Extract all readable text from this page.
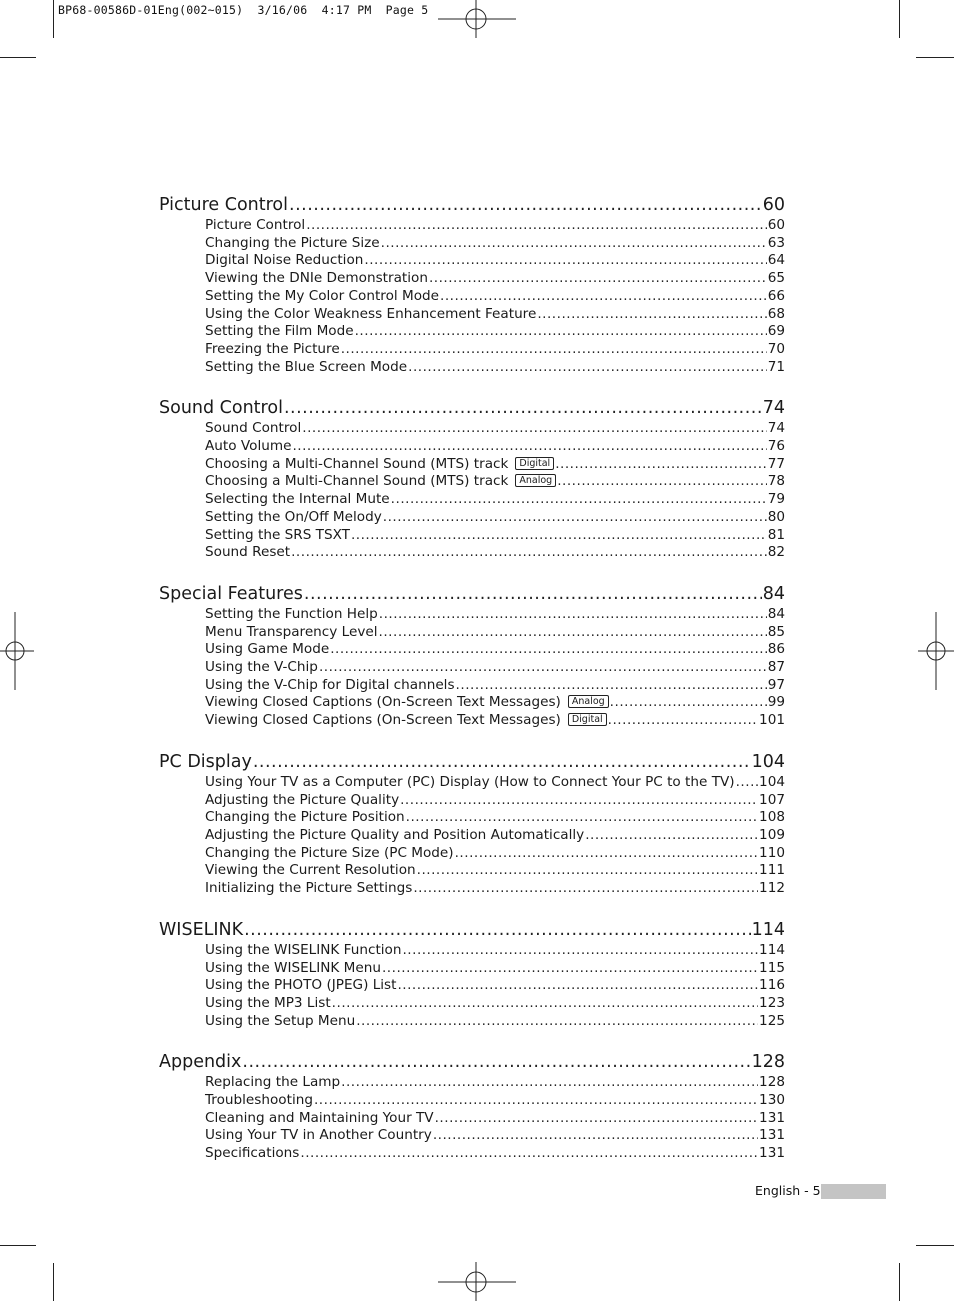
BP68-00586D-01Eng(002~015)  3/16/06  4:17 PM  Page 5
Picture Control .....	60
Picture Control .....	60
Changing the Picture Size .....	63
Digital Noise Reduction .....	64
Viewing the DNIe Demonstration .....	65
Setting the My Color Control Mode .....	66
Using the Color Weakness Enhancement Feature .....	68
Setting the Film Mode .....	69
Freezing the Picture .....	70
Setting the Blue Screen Mode .....	71
Sound Control .....	74
Sound Control .....	74
Auto Volume .....	76
Choosing a Multi-Channel Sound (MTS) track	Digital .....	77
Choosing a Multi-Channel Sound (MTS) track	Analog .....	78
Selecting the Internal Mute .....	79
Setting the On/Off Melody .....	80
Setting the SRS TSXT .....	81
Sound Reset .....	82
Special Features .....	84
Setting the Function Help .....	84
Menu Transparency Level .....	85
Using Game Mode .....	86
Using the V-Chip .....	87
Using the V-Chip for Digital channels .....	97
Viewing Closed Captions (On-Screen Text Messages)	Analog .....	99
Viewing Closed Captions (On-Screen Text Messages)	Digital .....	101
PC Display .....	104
Using Your TV as a Computer (PC) Display (How to Connect Your PC to the TV) ..... 104
Adjusting the Picture Quality .....	107
Changing the Picture Position .....	108
Adjusting the Picture Quality and Position Automatically .....	109
Changing the Picture Size (PC Mode) .....	110
Viewing the Current Resolution .....	111
Initializing the Picture Settings .....	112
WISELINK .....	114
Using the WISELINK Function .....	114
Using the WISELINK Menu .....	115
Using the PHOTO (JPEG) List .....	116
Using the MP3 List .....	123
Using the Setup Menu .....	125
Appendix .....	128
Replacing the Lamp .....	128
Troubleshooting .....	130
Cleaning and Maintaining Your TV .....	131
Using Your TV in Another Country .....	131
Specifications .....	131
English - 5
